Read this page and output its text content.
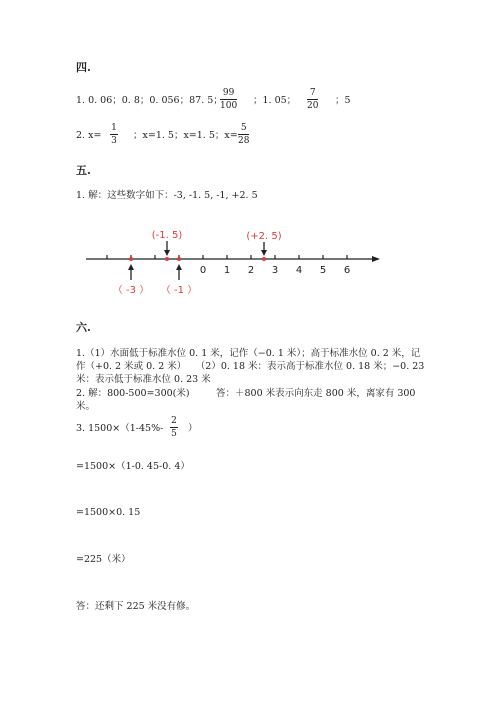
四.
1. 0. 06；0. 8；0. 056；87. 5；
99
100 ；1. 05；
7
20 ；5
2. x=
1
3 ；x=1. 5；x=1. 5；x=
5
28
五.
1. 解：这些数字如下：-3, -1. 5, -1, +2. 5
0 1 2 3 4 5 6
(-1. 5)	(+2. 5)
（ -3 ） （ -1 ）
六.
1.（1）水面低于标准水位 0. 1 米，记作（−0. 1 米）；高于标准水位 0. 2 米，记
作（+0. 2 米或 0. 2 米）　　（2）0. 18 米：表示高于标准水位 0. 18 米；−0. 23
米：表示低于标准水位 0. 23 米
2. 解：800-500=300(米)	答：＋800 米表示向东走 800 米，离家有 300
米。
3. 1500×（1-45%-
2
5 ）
=1500×（1-0. 45-0. 4）
=1500×0. 15
=225（米）
答：还剩下 225 米没有修。
